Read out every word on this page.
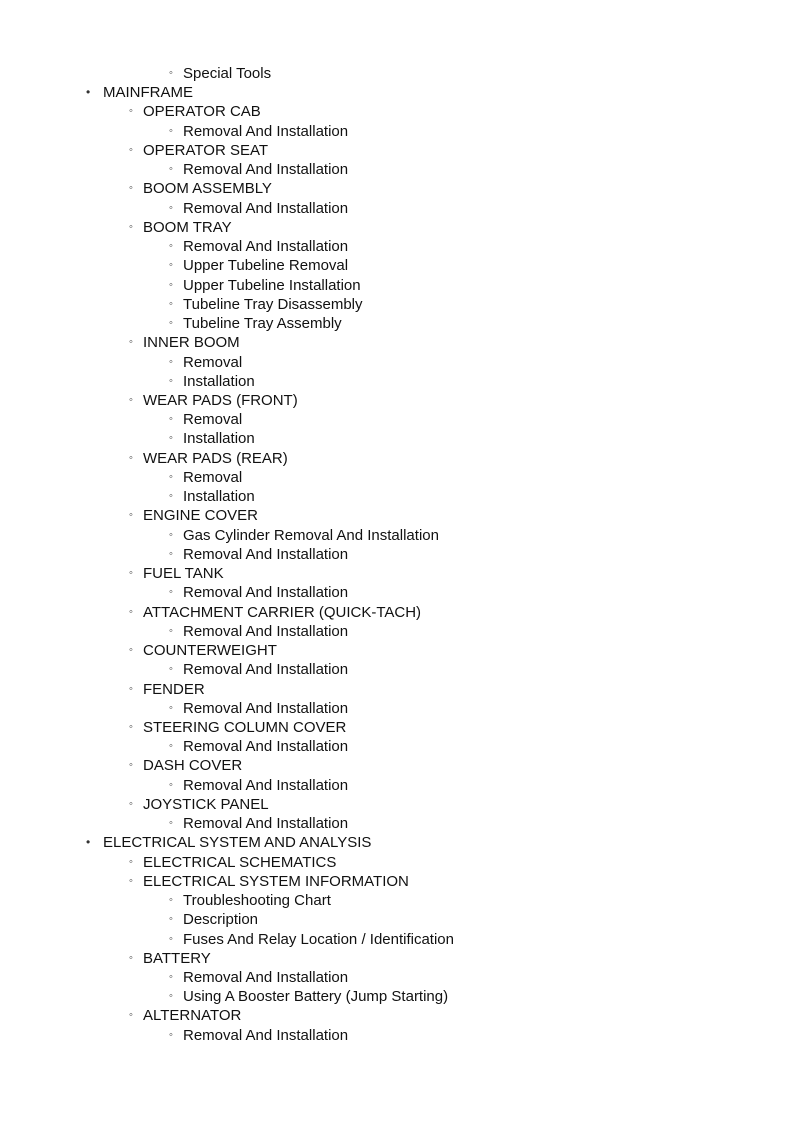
◦ Special Tools
• MAINFRAME
◦ OPERATOR CAB
◦ Removal And Installation
◦ OPERATOR SEAT
◦ Removal And Installation
◦ BOOM ASSEMBLY
◦ Removal And Installation
◦ BOOM TRAY
◦ Removal And Installation
◦ Upper Tubeline Removal
◦ Upper Tubeline Installation
◦ Tubeline Tray Disassembly
◦ Tubeline Tray Assembly
◦ INNER BOOM
◦ Removal
◦ Installation
◦ WEAR PADS (FRONT)
◦ Removal
◦ Installation
◦ WEAR PADS (REAR)
◦ Removal
◦ Installation
◦ ENGINE COVER
◦ Gas Cylinder Removal And Installation
◦ Removal And Installation
◦ FUEL TANK
◦ Removal And Installation
◦ ATTACHMENT CARRIER (QUICK-TACH)
◦ Removal And Installation
◦ COUNTERWEIGHT
◦ Removal And Installation
◦ FENDER
◦ Removal And Installation
◦ STEERING COLUMN COVER
◦ Removal And Installation
◦ DASH COVER
◦ Removal And Installation
◦ JOYSTICK PANEL
◦ Removal And Installation
• ELECTRICAL SYSTEM AND ANALYSIS
◦ ELECTRICAL SCHEMATICS
◦ ELECTRICAL SYSTEM INFORMATION
◦ Troubleshooting Chart
◦ Description
◦ Fuses And Relay Location / Identification
◦ BATTERY
◦ Removal And Installation
◦ Using A Booster Battery (Jump Starting)
◦ ALTERNATOR
◦ Removal And Installation
